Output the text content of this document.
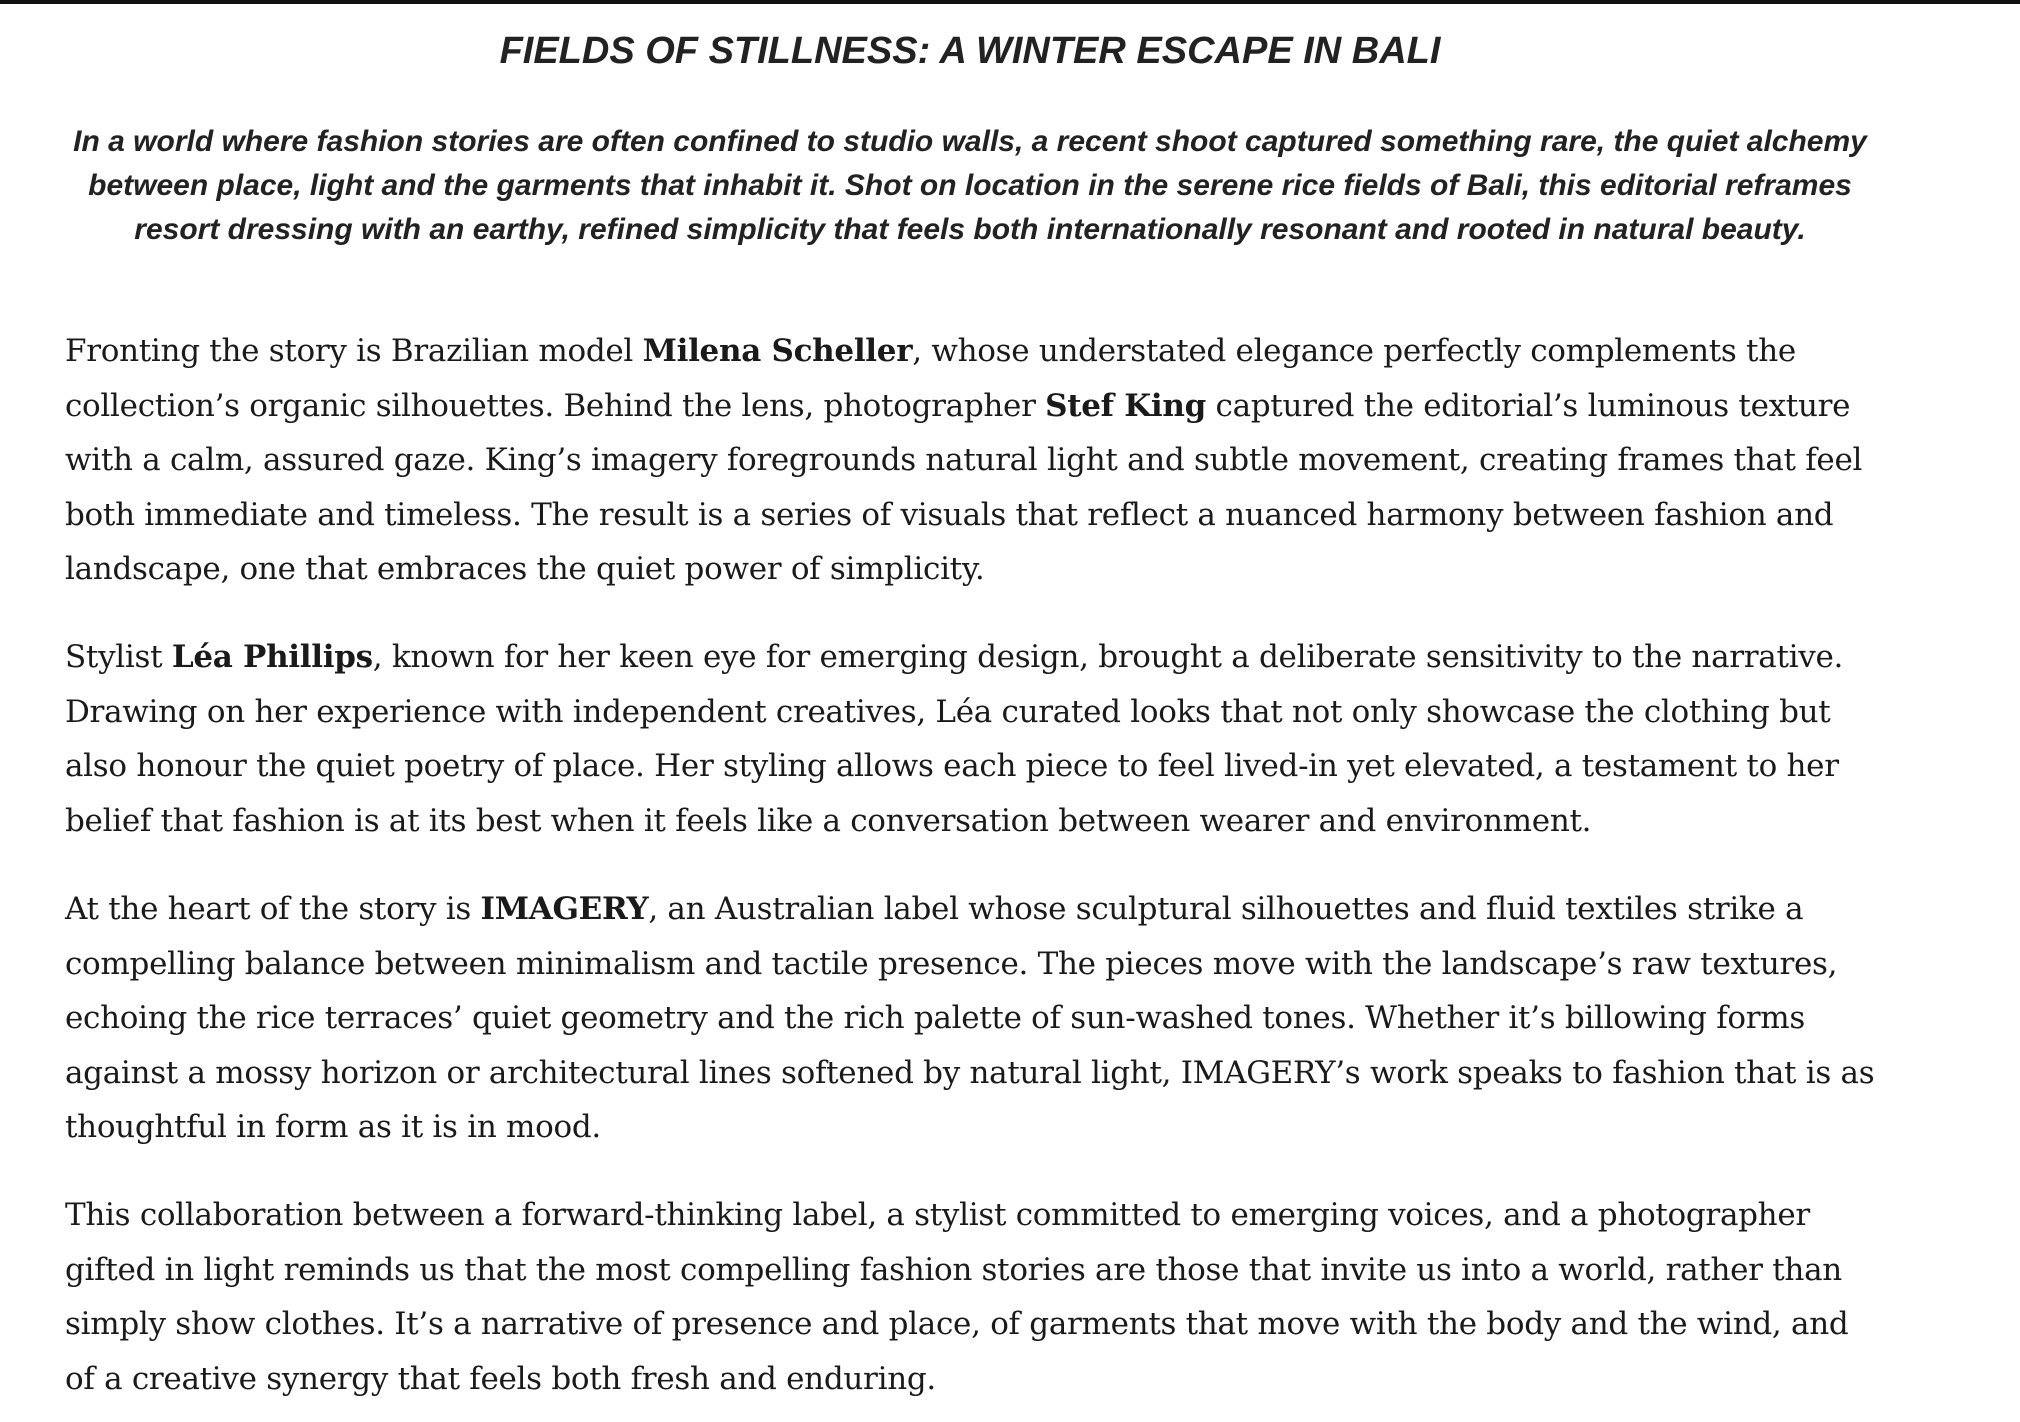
FIELDS OF STILLNESS: A WINTER ESCAPE IN BALI

In a world where fashion stories are often confined to studio walls, a recent shoot captured something rare, the quiet alchemy between place, light and the garments that inhabit it. Shot on location in the serene rice fields of Bali, this editorial reframes resort dressing with an earthy, refined simplicity that feels both internationally resonant and rooted in natural beauty.

Fronting the story is Brazilian model Milena Scheller, whose understated elegance perfectly complements the collection’s organic silhouettes. Behind the lens, photographer Stef King captured the editorial’s luminous texture with a calm, assured gaze. King’s imagery foregrounds natural light and subtle movement, creating frames that feel both immediate and timeless. The result is a series of visuals that reflect a nuanced harmony between fashion and landscape, one that embraces the quiet power of simplicity.

Stylist Léa Phillips, known for her keen eye for emerging design, brought a deliberate sensitivity to the narrative. Drawing on her experience with independent creatives, Léa curated looks that not only showcase the clothing but also honour the quiet poetry of place. Her styling allows each piece to feel lived-in yet elevated, a testament to her belief that fashion is at its best when it feels like a conversation between wearer and environment.

At the heart of the story is IMAGERY, an Australian label whose sculptural silhouettes and fluid textiles strike a compelling balance between minimalism and tactile presence. The pieces move with the landscape’s raw textures, echoing the rice terraces’ quiet geometry and the rich palette of sun-washed tones. Whether it’s billowing forms against a mossy horizon or architectural lines softened by natural light, IMAGERY’s work speaks to fashion that is as thoughtful in form as it is in mood.

This collaboration between a forward-thinking label, a stylist committed to emerging voices, and a photographer gifted in light reminds us that the most compelling fashion stories are those that invite us into a world, rather than simply show clothes. It’s a narrative of presence and place, of garments that move with the body and the wind, and of a creative synergy that feels both fresh and enduring.
